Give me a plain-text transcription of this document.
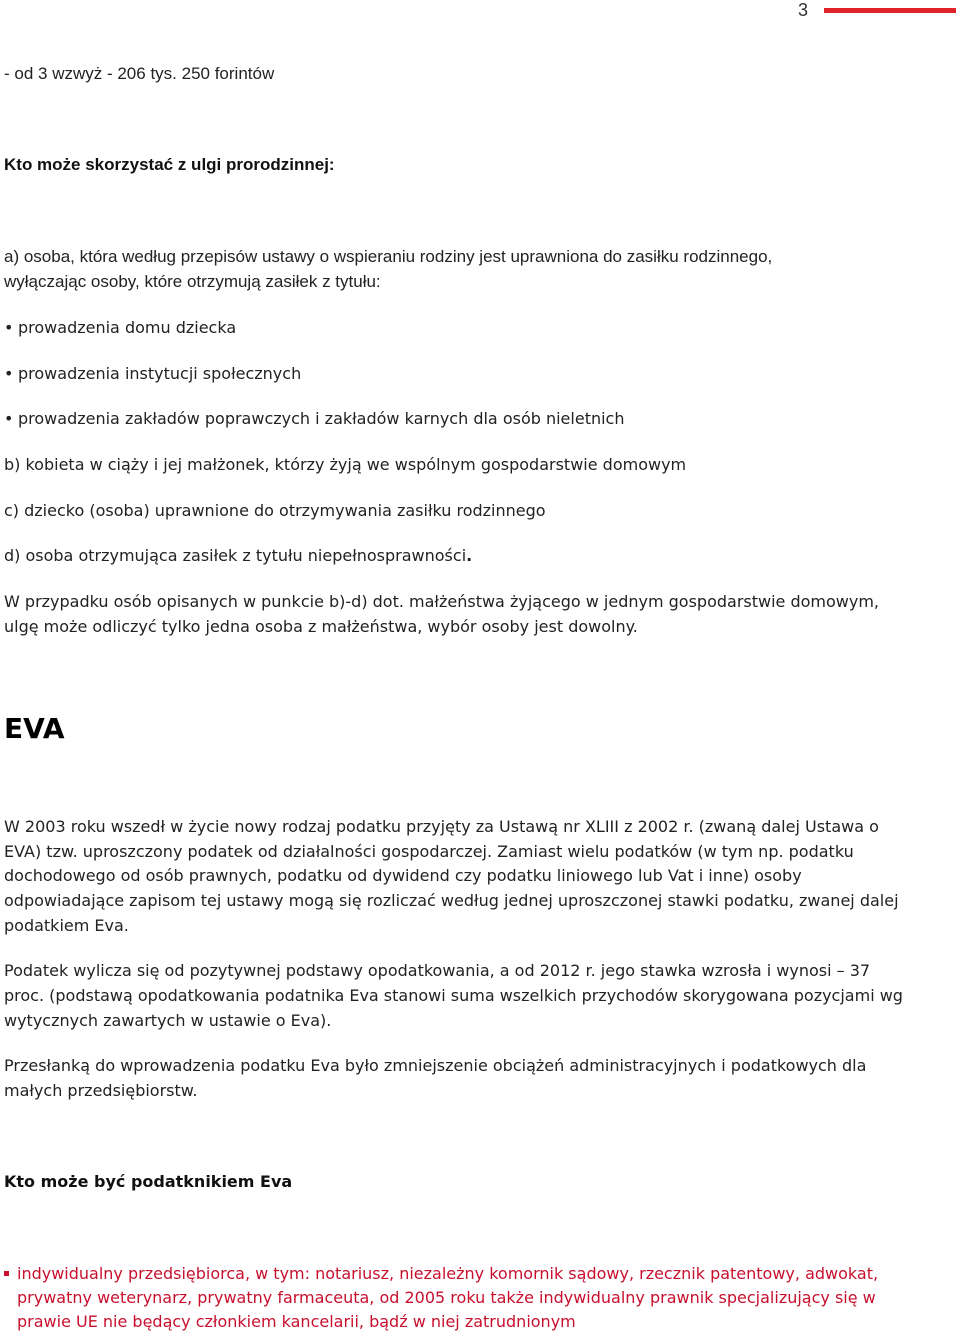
3
- od 3 wzwyż - 206 tys. 250 forintów
Kto może skorzystać z ulgi prorodzinnej:
a) osoba, która według przepisów ustawy o wspieraniu rodziny jest uprawniona do zasiłku rodzinnego,
wyłączając osoby, które otrzymują zasiłek z tytułu:
• prowadzenia domu dziecka
• prowadzenia instytucji społecznych
• prowadzenia zakładów poprawczych i zakładów karnych dla osób nieletnich
b) kobieta w ciąży i jej małżonek, którzy żyją we wspólnym gospodarstwie domowym
c) dziecko (osoba) uprawnione do otrzymywania zasiłku rodzinnego
d) osoba otrzymująca zasiłek z tytułu niepełnosprawności.
W przypadku osób opisanych w punkcie b)-d) dot. małżeństwa żyjącego w jednym gospodarstwie domowym,
ulgę może odliczyć tylko jedna osoba z małżeństwa, wybór osoby jest dowolny.
EVA
W 2003 roku wszedł w życie nowy rodzaj podatku przyjęty za Ustawą nr XLIII z 2002 r. (zwaną dalej Ustawa o
EVA) tzw. uproszczony podatek od działalności gospodarczej. Zamiast wielu podatków (w tym np. podatku
dochodowego od osób prawnych, podatku od dywidend czy podatku liniowego lub Vat i inne) osoby
odpowiadające zapisom tej ustawy mogą się rozliczać według jednej uproszczonej stawki podatku, zwanej dalej
podatkiem Eva.
Podatek wylicza się od pozytywnej podstawy opodatkowania, a od 2012 r. jego stawka wzrosła i wynosi – 37
proc. (podstawą opodatkowania podatnika Eva stanowi suma wszelkich przychodów skorygowana pozycjami wg
wytycznych zawartych w ustawie o Eva).
Przesłanką do wprowadzenia podatku Eva było zmniejszenie obciążeń administracyjnych i podatkowych dla
małych przedsiębiorstw.
Kto może być podatknikiem Eva
indywidualny przedsiębiorca, w tym: notariusz, niezależny komornik sądowy, rzecznik patentowy, adwokat,
prywatny weterynarz, prywatny farmaceuta, od 2005 roku także indywidualny prawnik specjalizujący się w
prawie UE nie będący członkiem kancelarii, bądź w niej zatrudnionym
